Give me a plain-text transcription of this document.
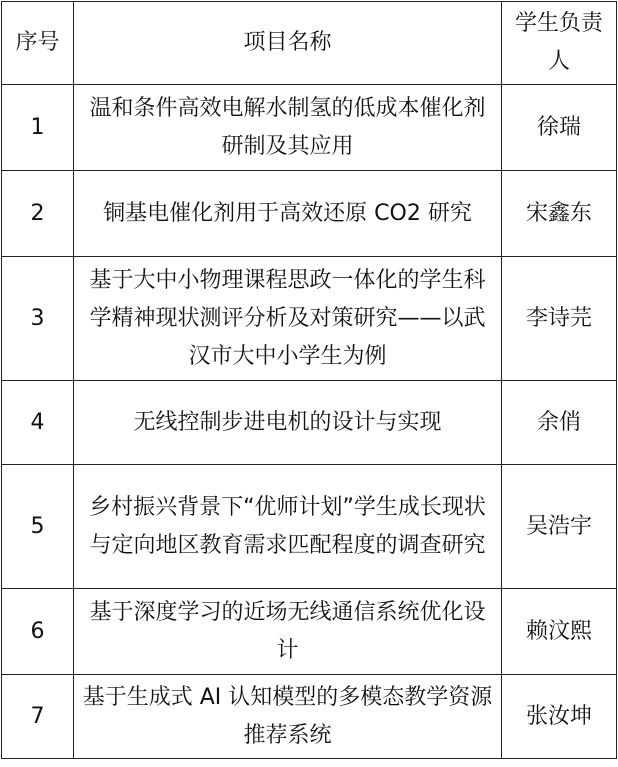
序号	项目名称	学生负责人
1	温和条件高效电解水制氢的低成本催化剂研制及其应用	徐瑞
2	铜基电催化剂用于高效还原 CO2 研究	宋鑫东
3	基于大中小物理课程思政一体化的学生科学精神现状测评分析及对策研究——以武汉市大中小学生为例	李诗芫
4	无线控制步进电机的设计与实现	余俏
5	乡村振兴背景下“优师计划”学生成长现状与定向地区教育需求匹配程度的调查研究	吴浩宇
6	基于深度学习的近场无线通信系统优化设计	赖汶熙
7	基于生成式 AI 认知模型的多模态教学资源推荐系统	张汝坤
